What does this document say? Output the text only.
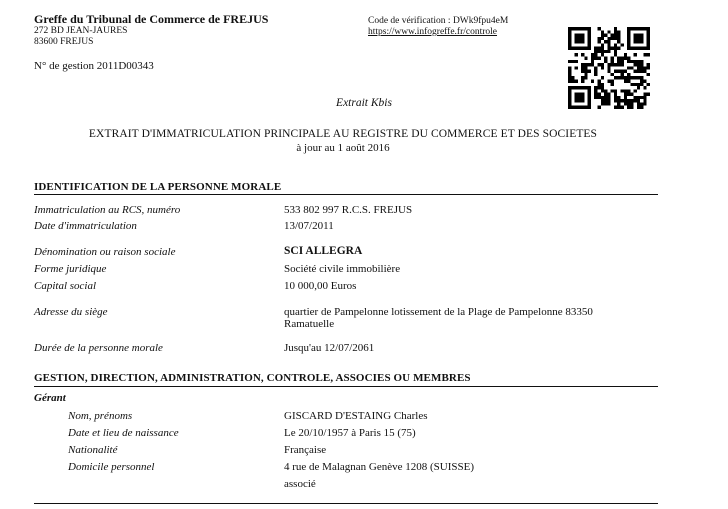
Greffe du Tribunal de Commerce de FREJUS
272 BD JEAN-JAURES
83600 FREJUS
N° de gestion 2011D00343
Code de vérification : DWk9fpu4eM
https://www.infogreffe.fr/controle
Extrait Kbis
EXTRAIT D'IMMATRICULATION PRINCIPALE AU REGISTRE DU COMMERCE ET DES SOCIETES
à jour au 1 août 2016
IDENTIFICATION DE LA PERSONNE MORALE
Immatriculation au RCS, numéro	533 802 997 R.C.S. FREJUS
Date d'immatriculation	13/07/2011
Dénomination ou raison sociale	SCI ALLEGRA
Forme juridique	Société civile immobilière
Capital social	10 000,00 Euros
Adresse du siège	quartier de Pampelonne lotissement de la Plage de Pampelonne 83350
Ramatuelle
Durée de la personne morale	Jusqu'au 12/07/2061
GESTION, DIRECTION, ADMINISTRATION, CONTROLE, ASSOCIES OU MEMBRES
Gérant
Nom, prénoms	GISCARD D'ESTAING Charles
Date et lieu de naissance	Le 20/10/1957 à Paris 15 (75)
Nationalité	Française
Domicile personnel	4 rue de Malagnan Genève 1208 (SUISSE)
associé
